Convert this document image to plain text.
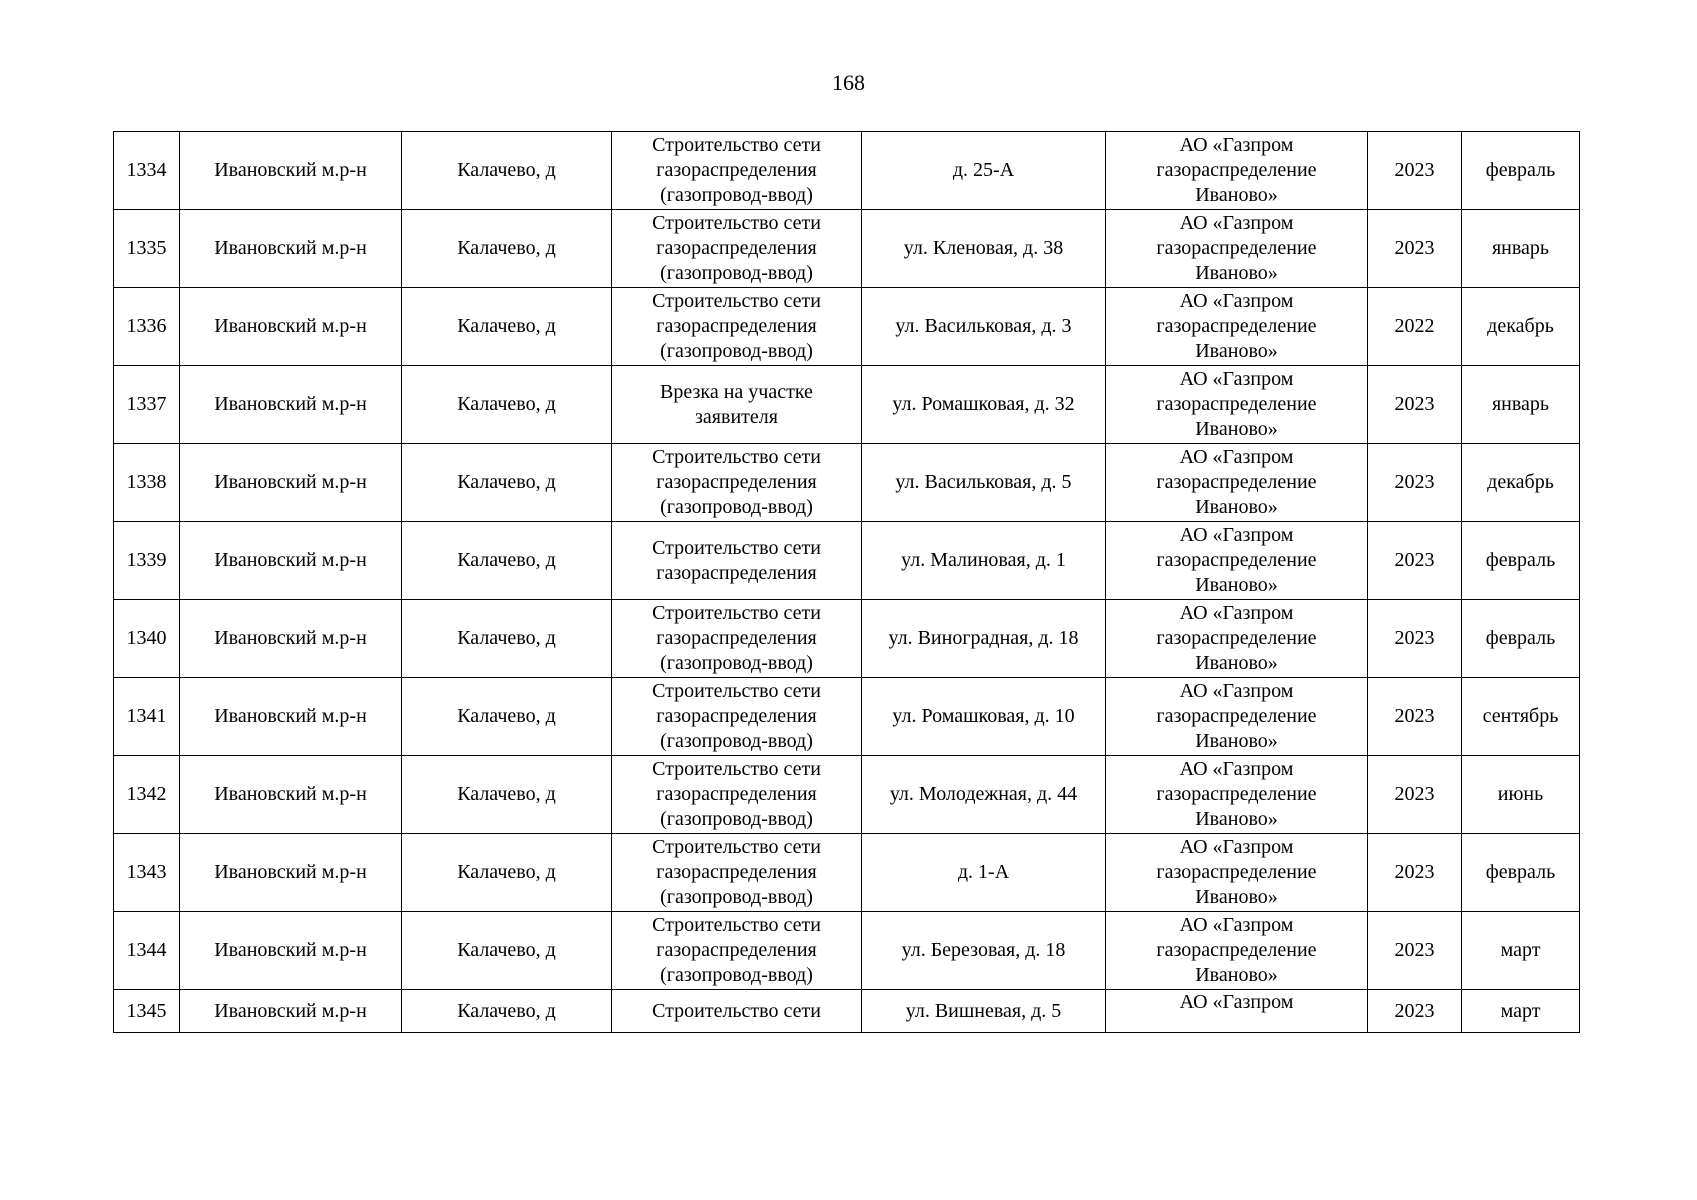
168
1334	Ивановский м.р-н	Калачево, д	Строительство сети
газораспределения
(газопровод-ввод)	д. 25-А	АО «Газпром
газораспределение
Иваново»	2023	февраль
1335	Ивановский м.р-н	Калачево, д	Строительство сети
газораспределения
(газопровод-ввод)	ул. Кленовая, д. 38	АО «Газпром
газораспределение
Иваново»	2023	январь
1336	Ивановский м.р-н	Калачево, д	Строительство сети
газораспределения
(газопровод-ввод)	ул. Васильковая, д. 3	АО «Газпром
газораспределение
Иваново»	2022	декабрь
1337	Ивановский м.р-н	Калачево, д	Врезка на участке
заявителя	ул. Ромашковая, д. 32	АО «Газпром
газораспределение
Иваново»	2023	январь
1338	Ивановский м.р-н	Калачево, д	Строительство сети
газораспределения
(газопровод-ввод)	ул. Васильковая, д. 5	АО «Газпром
газораспределение
Иваново»	2023	декабрь
1339	Ивановский м.р-н	Калачево, д	Строительство сети
газораспределения	ул. Малиновая, д. 1	АО «Газпром
газораспределение
Иваново»	2023	февраль
1340	Ивановский м.р-н	Калачево, д	Строительство сети
газораспределения
(газопровод-ввод)	ул. Виноградная, д. 18	АО «Газпром
газораспределение
Иваново»	2023	февраль
1341	Ивановский м.р-н	Калачево, д	Строительство сети
газораспределения
(газопровод-ввод)	ул. Ромашковая, д. 10	АО «Газпром
газораспределение
Иваново»	2023	сентябрь
1342	Ивановский м.р-н	Калачево, д	Строительство сети
газораспределения
(газопровод-ввод)	ул. Молодежная, д. 44	АО «Газпром
газораспределение
Иваново»	2023	июнь
1343	Ивановский м.р-н	Калачево, д	Строительство сети
газораспределения
(газопровод-ввод)	д. 1-А	АО «Газпром
газораспределение
Иваново»	2023	февраль
1344	Ивановский м.р-н	Калачево, д	Строительство сети
газораспределения
(газопровод-ввод)	ул. Березовая, д. 18	АО «Газпром
газораспределение
Иваново»	2023	март
1345	Ивановский м.р-н	Калачево, д	Строительство сети	ул. Вишневая, д. 5	АО «Газпром	2023	март
